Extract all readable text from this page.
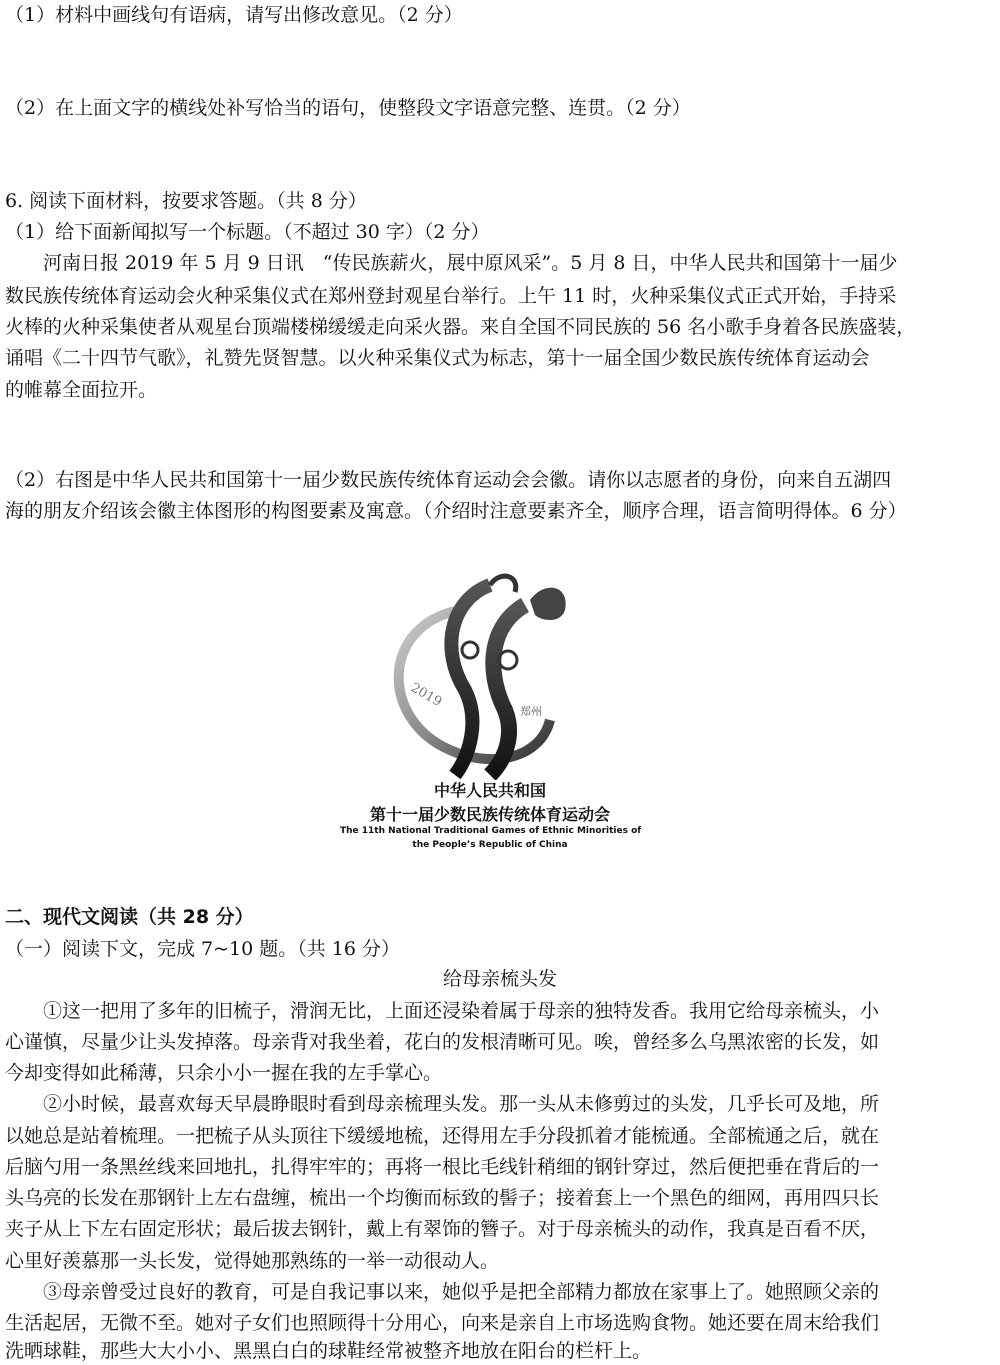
（1）材料中画线句有语病，请写出修改意见。（2 分）
（2）在上面文字的横线处补写恰当的语句，使整段文字语意完整、连贯。（2 分）
6. 阅读下面材料，按要求答题。（共 8 分）
（1）给下面新闻拟写一个标题。（不超过 30 字）（2 分）
　　河南日报 2019 年 5 月 9 日讯　“传民族薪火，展中原风采”。5 月 8 日，中华人民共和国第十一届少
数民族传统体育运动会火种采集仪式在郑州登封观星台举行。上午 11 时，火种采集仪式正式开始，手持采
火棒的火种采集使者从观星台顶端楼梯缓缓走向采火器。来自全国不同民族的 56 名小歌手身着各民族盛装，
诵唱《二十四节气歌》，礼赞先贤智慧。以火种采集仪式为标志，第十一届全国少数民族传统体育运动会
的帷幕全面拉开。
（2）右图是中华人民共和国第十一届少数民族传统体育运动会会徽。请你以志愿者的身份，向来自五湖四
海的朋友介绍该会徽主体图形的构图要素及寓意。（介绍时注意要素齐全，顺序合理，语言简明得体。6 分）
2019
郑州
中华人民共和国
第十一届少数民族传统体育运动会
The 11th National Traditional Games of Ethnic Minorities of
the People’s Republic of China
二、现代文阅读（共 28 分）
（一）阅读下文，完成 7~10 题。（共 16 分）
给母亲梳头发
　　①这一把用了多年的旧梳子，滑润无比，上面还浸染着属于母亲的独特发香。我用它给母亲梳头，小
心谨慎，尽量少让头发掉落。母亲背对我坐着，花白的发根清晰可见。唉，曾经多么乌黑浓密的长发，如
今却变得如此稀薄，只余小小一握在我的左手掌心。
　　②小时候，最喜欢每天早晨睁眼时看到母亲梳理头发。那一头从未修剪过的头发，几乎长可及地，所
以她总是站着梳理。一把梳子从头顶往下缓缓地梳，还得用左手分段抓着才能梳通。全部梳通之后，就在
后脑勺用一条黑丝线来回地扎，扎得牢牢的；再将一根比毛线针稍细的钢针穿过，然后便把垂在背后的一
头乌亮的长发在那钢针上左右盘缠，梳出一个均衡而标致的髻子；接着套上一个黑色的细网，再用四只长
夹子从上下左右固定形状；最后拔去钢针，戴上有翠饰的簪子。对于母亲梳头的动作，我真是百看不厌，
心里好羡慕那一头长发，觉得她那熟练的一举一动很动人。
　　③母亲曾受过良好的教育，可是自我记事以来，她似乎是把全部精力都放在家事上了。她照顾父亲的
生活起居，无微不至。她对子女们也照顾得十分用心，向来是亲自上市场选购食物。她还要在周末给我们
洗晒球鞋，那些大大小小、黑黑白白的球鞋经常被整齐地放在阳台的栏杆上。
